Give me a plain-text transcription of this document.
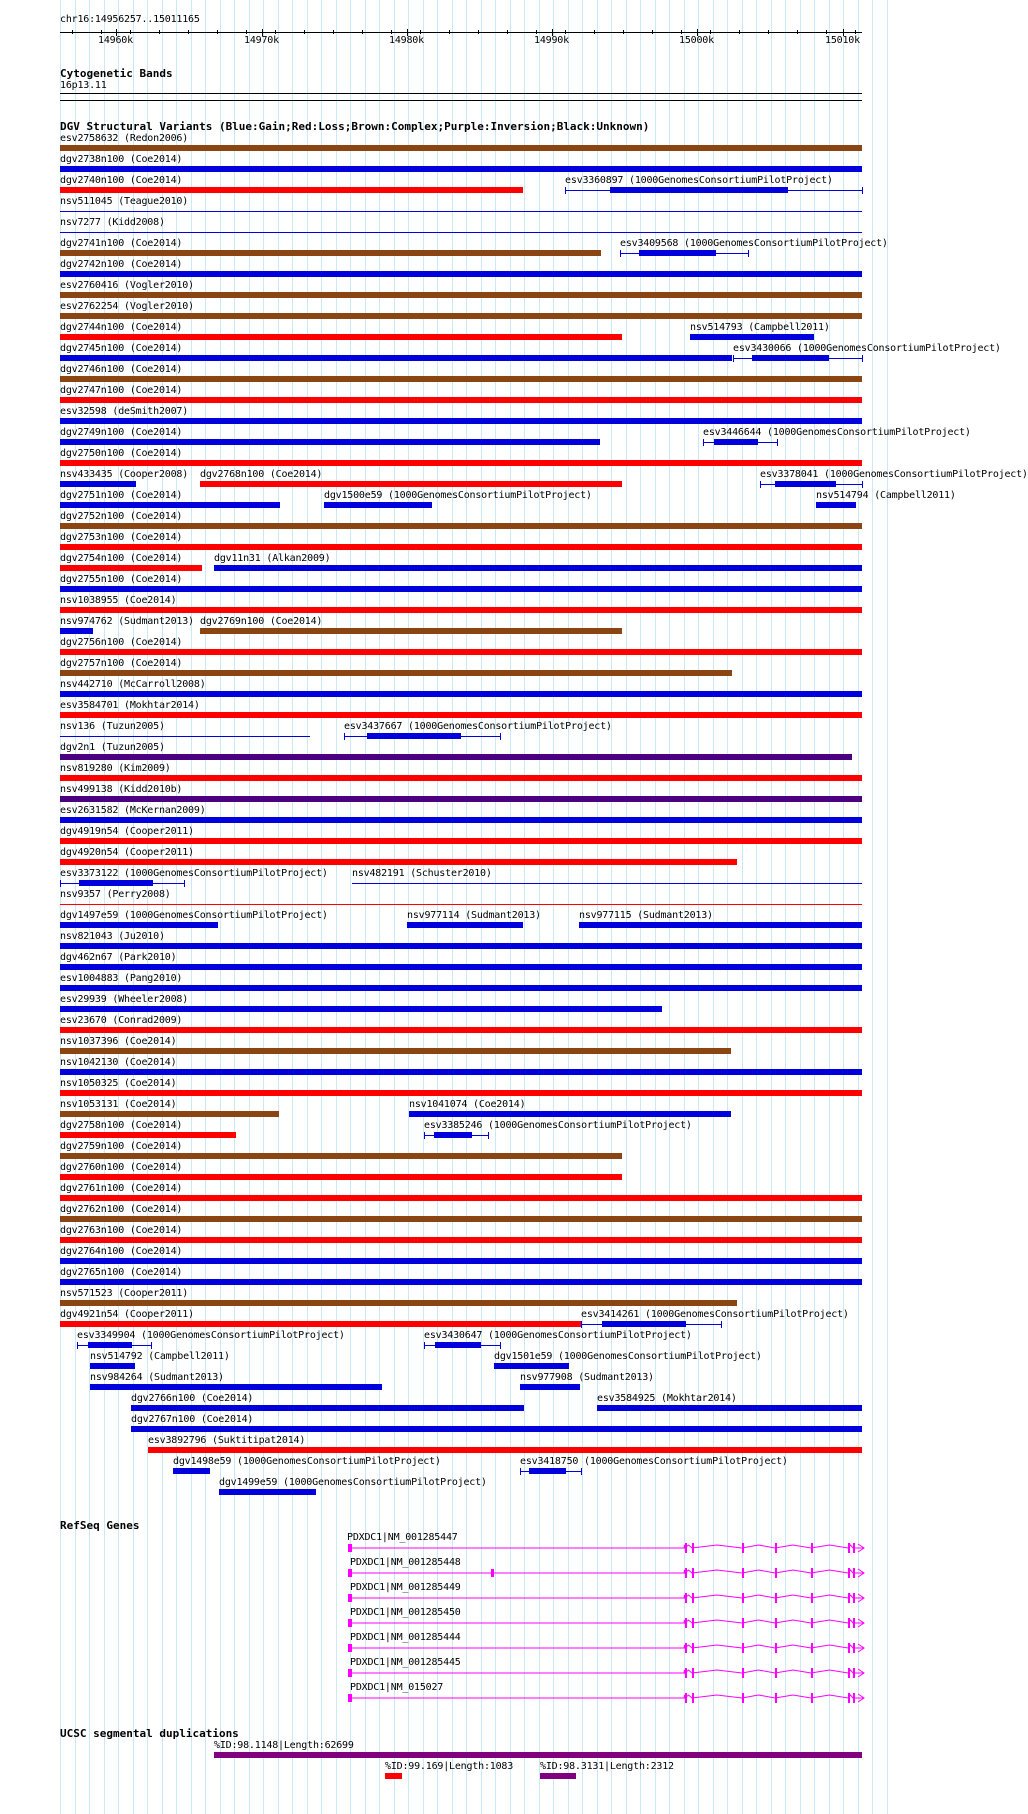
chr16:14956257..15011165
14960k	14970k	14980k	14990k	15000k	15010k
Cytogenetic Bands
16p13.11
DGV Structural Variants (Blue:Gain;Red:Loss;Brown:Complex;Purple:Inversion;Black:Unknown)
esv2758632 (Redon2006)
dgv2738n100 (Coe2014)
dgv2740n100 (Coe2014)	esv3360897 (1000GenomesConsortiumPilotProject)
nsv511045 (Teague2010)
nsv7277 (Kidd2008)
dgv2741n100 (Coe2014)	esv3409568 (1000GenomesConsortiumPilotProject)
dgv2742n100 (Coe2014)
esv2760416 (Vogler2010)
esv2762254 (Vogler2010)
dgv2744n100 (Coe2014)	nsv514793 (Campbell2011)
dgv2745n100 (Coe2014)	esv3430066 (1000GenomesConsortiumPilotProject)
dgv2746n100 (Coe2014)
dgv2747n100 (Coe2014)
esv32598 (deSmith2007)
dgv2749n100 (Coe2014)	esv3446644 (1000GenomesConsortiumPilotProject)
dgv2750n100 (Coe2014)
nsv433435 (Cooper2008) dgv2768n100 (Coe2014)	esv3378041 (1000GenomesConsortiumPilotProject)
dgv2751n100 (Coe2014)	dgv1500e59 (1000GenomesConsortiumPilotProject)	nsv514794 (Campbell2011)
dgv2752n100 (Coe2014)
dgv2753n100 (Coe2014)
dgv2754n100 (Coe2014)	dgv11n31 (Alkan2009)
dgv2755n100 (Coe2014)
nsv1038955 (Coe2014)
nsv974762 (Sudmant2013) dgv2769n100 (Coe2014)
dgv2756n100 (Coe2014)
dgv2757n100 (Coe2014)
nsv442710 (McCarroll2008)
esv3584701 (Mokhtar2014)
nsv136 (Tuzun2005)	esv3437667 (1000GenomesConsortiumPilotProject)
dgv2n1 (Tuzun2005)
nsv819280 (Kim2009)
nsv499138 (Kidd2010b)
esv2631582 (McKernan2009)
dgv4919n54 (Cooper2011)
dgv4920n54 (Cooper2011)
esv3373122 (1000GenomesConsortiumPilotProject) nsv482191 (Schuster2010)
nsv9357 (Perry2008)
dgv1497e59 (1000GenomesConsortiumPilotProject)	nsv977114 (Sudmant2013)	nsv977115 (Sudmant2013)
nsv821043 (Ju2010)
dgv462n67 (Park2010)
esv1004883 (Pang2010)
esv29939 (Wheeler2008)
esv23670 (Conrad2009)
nsv1037396 (Coe2014)
nsv1042130 (Coe2014)
nsv1050325 (Coe2014)
nsv1053131 (Coe2014)	nsv1041074 (Coe2014)
dgv2758n100 (Coe2014)	esv3385246 (1000GenomesConsortiumPilotProject)
dgv2759n100 (Coe2014)
dgv2760n100 (Coe2014)
dgv2761n100 (Coe2014)
dgv2762n100 (Coe2014)
dgv2763n100 (Coe2014)
dgv2764n100 (Coe2014)
dgv2765n100 (Coe2014)
nsv571523 (Cooper2011)
dgv4921n54 (Cooper2011)	esv3414261 (1000GenomesConsortiumPilotProject)
esv3349904 (1000GenomesConsortiumPilotProject)	esv3430647 (1000GenomesConsortiumPilotProject)
nsv514792 (Campbell2011)	dgv1501e59 (1000GenomesConsortiumPilotProject)
nsv984264 (Sudmant2013)	nsv977908 (Sudmant2013)
dgv2766n100 (Coe2014)	esv3584925 (Mokhtar2014)
dgv2767n100 (Coe2014)
esv3892796 (Suktitipat2014)
dgv1498e59 (1000GenomesConsortiumPilotProject)	esv3418750 (1000GenomesConsortiumPilotProject)
dgv1499e59 (1000GenomesConsortiumPilotProject)
RefSeq Genes
PDXDC1|NM_001285447
PDXDC1|NM_001285448
PDXDC1|NM_001285449
PDXDC1|NM_001285450
PDXDC1|NM_001285444
PDXDC1|NM_001285445
PDXDC1|NM_015027
UCSC segmental duplications
%ID:98.1148|Length:62699
%ID:99.169|Length:1083	%ID:98.3131|Length:2312
